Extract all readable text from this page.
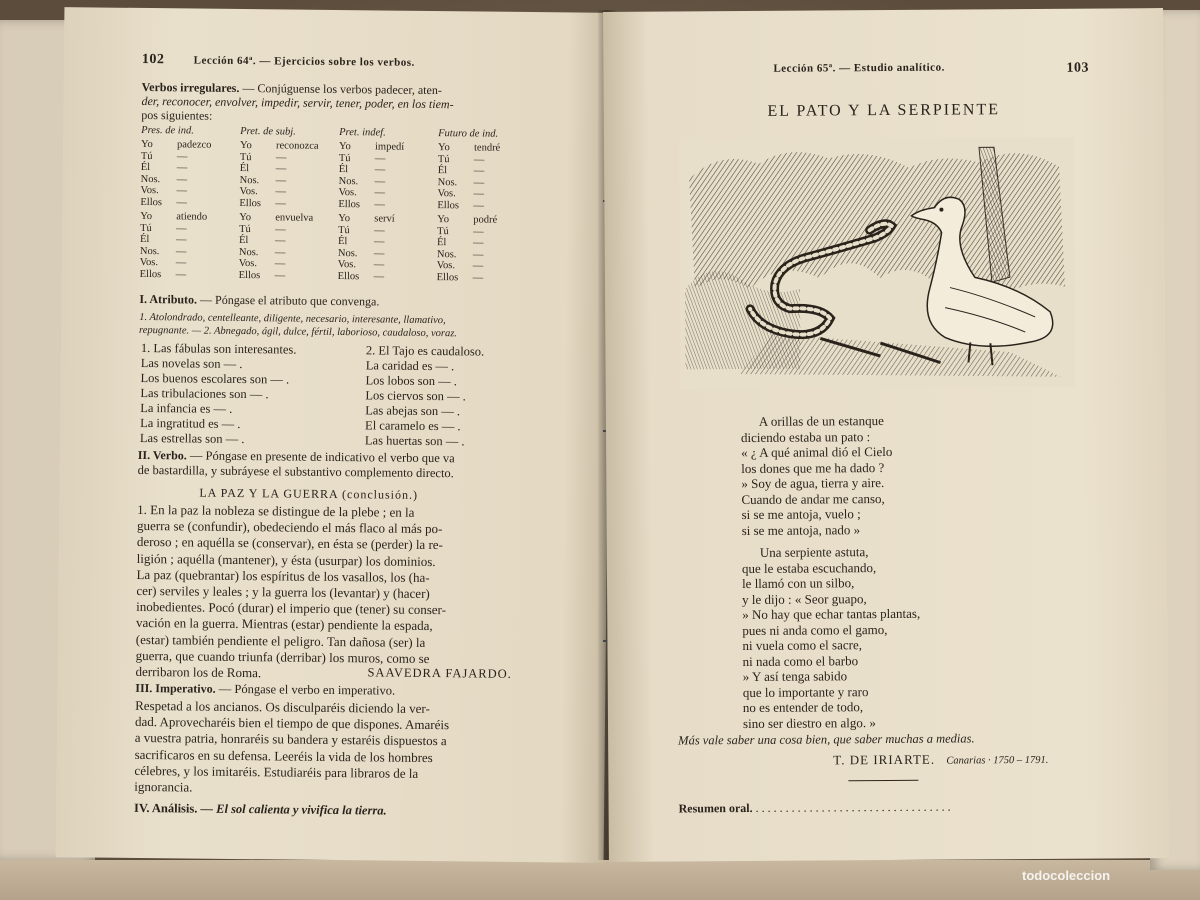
102	Lección 64ª. — Ejercicios sobre los verbos.
Verbos irregulares. — Conjúguense los verbos padecer, aten-
der, reconocer, envolver, impedir, servir, tener, poder, en los tiem-
pos siguientes:
Pres. de ind.	Pret. de subj.	Pret. indef.	Futuro de ind.
Yo	padezco	Yo	reconozca	Yo	impedí	Yo	tendré
Tú	—	Tú	—	Tú	—	Tú	—
Él	—	Él	—	Él	—	Él	—
Nos.	—	Nos.	—	Nos.	—	Nos.	—
Vos.	—	Vos.	—	Vos.	—	Vos.	—
Ellos	—	Ellos	—	Ellos	—	Ellos	—
Yo	atiendo	Yo	envuelva	Yo	serví	Yo	podré
Tú	—	Tú	—	Tú	—	Tú	—
Él	—	Él	—	Él	—	Él	—
Nos.	—	Nos.	—	Nos.	—	Nos.	—
Vos.	—	Vos.	—	Vos.	—	Vos.	—
Ellos	—	Ellos	—	Ellos	—	Ellos	—
I. Atributo. — Póngase el atributo que convenga.
1. Atolondrado, centelleante, diligente, necesario, interesante, llamativo,
repugnante. — 2. Abnegado, ágil, dulce, fértil, laborioso, caudaloso, voraz.
1. Las fábulas son interesantes.
Las novelas son — .
Los buenos escolares son — .
Las tribulaciones son — .
La infancia es — .
La ingratitud es — .
Las estrellas son — .
2. El Tajo es caudaloso.
La caridad es — .
Los lobos son — .
Los ciervos son — .
Las abejas son — .
El caramelo es — .
Las huertas son — .
II. Verbo. — Póngase en presente de indicativo el verbo que va
de bastardilla, y subráyese el substantivo complemento directo.
LA PAZ Y LA GUERRA (conclusión.)
1. En la paz la nobleza se distingue de la plebe ; en la
guerra se (confundir), obedeciendo el más flaco al más po-
deroso ; en aquélla se (conservar), en ésta se (perder) la re-
ligión ; aquélla (mantener), y ésta (usurpar) los dominios.
La paz (quebrantar) los espíritus de los vasallos, los (ha-
cer) serviles y leales ; y la guerra los (levantar) y (hacer)
inobedientes. Pocó (durar) el imperio que (tener) su conser-
vación en la guerra. Mientras (estar) pendiente la espada,
(estar) también pendiente el peligro. Tan dañosa (ser) la
guerra, que cuando triunfa (derribar) los muros, como se
derribaron los de Roma.	SAAVEDRA FAJARDO.
III. Imperativo. — Póngase el verbo en imperativo.
Respetad a los ancianos. Os disculparéis diciendo la ver-
dad. Aprovecharéis bien el tiempo de que dispones. Amaréis
a vuestra patria, honraréis su bandera y estaréis dispuestos a
sacrificaros en su defensa. Leeréis la vida de los hombres
célebres, y los imitaréis. Estudiaréis para libraros de la
ignorancia.
IV. Análisis. — El sol calienta y vivifica la tierra.
Lección 65ª. — Estudio analítico.	103
EL PATO Y LA SERPIENTE
A orillas de un estanque
diciendo estaba un pato :
« ¿ A qué animal dió el Cielo
los dones que me ha dado ?
» Soy de agua, tierra y aire.
Cuando de andar me canso,
si se me antoja, vuelo ;
si se me antoja, nado »
Una serpiente astuta,
que le estaba escuchando,
le llamó con un silbo,
y le dijo : « Seor guapo,
» No hay que echar tantas plantas,
pues ni anda como el gamo,
ni vuela como el sacre,
ni nada como el barbo
» Y así tenga sabido
que lo importante y raro
no es entender de todo,
sino ser diestro en algo. »
Más vale saber una cosa bien, que saber muchas a medias.
T. DE IRIARTE. Canarias · 1750 – 1791.
Resumen oral. . . . . . . . . . . . . . . . . . . . . . . . . . . . . . . . . .
todocoleccion
